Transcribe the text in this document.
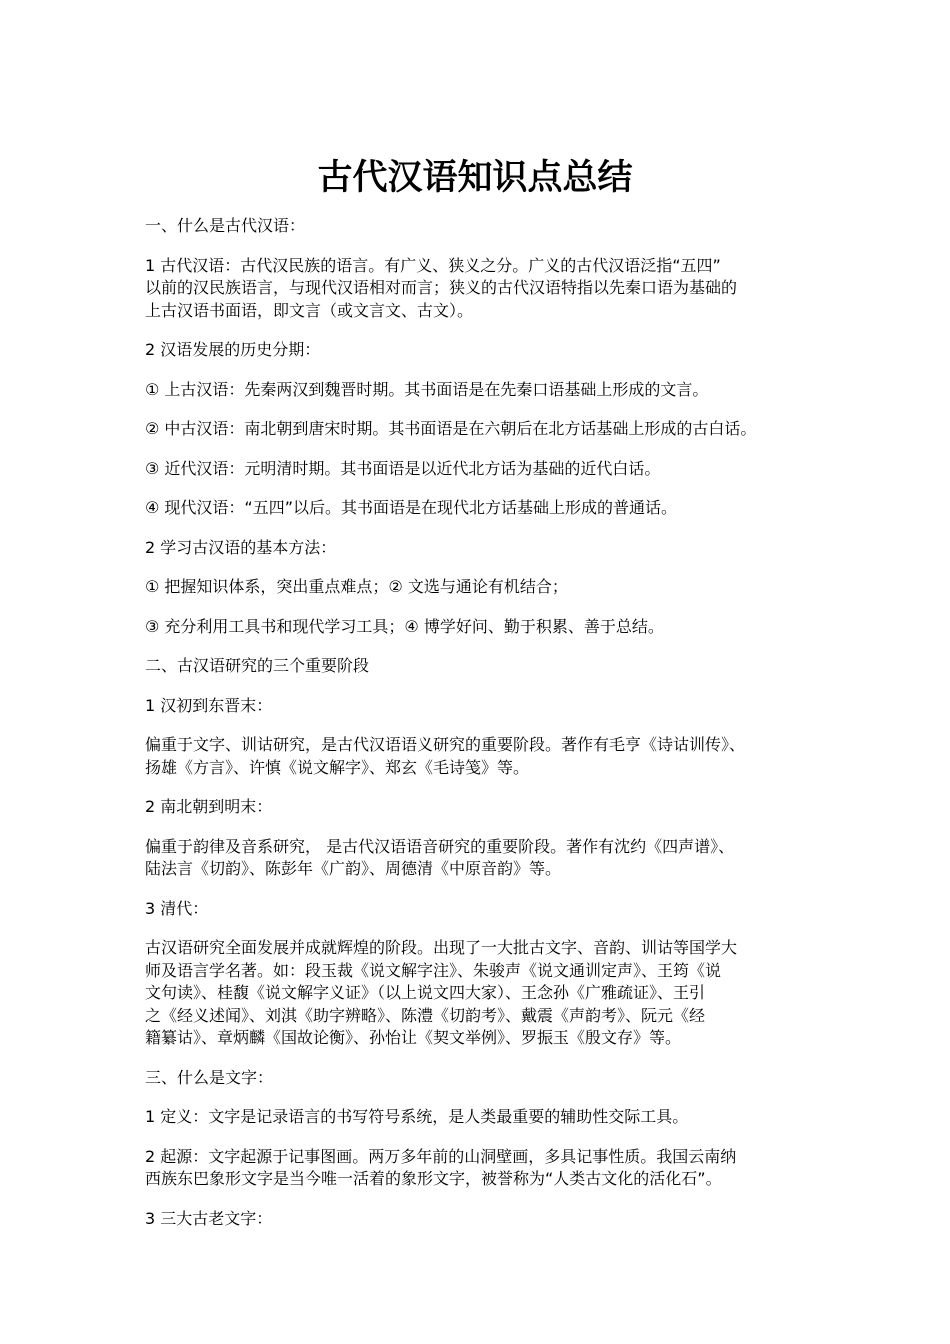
古代汉语知识点总结
一、什么是古代汉语：
1 古代汉语：古代汉民族的语言。有广义、狭义之分。广义的古代汉语泛指“五四”
以前的汉民族语言，与现代汉语相对而言；狭义的古代汉语特指以先秦口语为基础的
上古汉语书面语，即文言（或文言文、古文）。
2 汉语发展的历史分期：
① 上古汉语：先秦两汉到魏晋时期。其书面语是在先秦口语基础上形成的文言。
② 中古汉语：南北朝到唐宋时期。其书面语是在六朝后在北方话基础上形成的古白话。
③ 近代汉语：元明清时期。其书面语是以近代北方话为基础的近代白话。
④ 现代汉语：“五四”以后。其书面语是在现代北方话基础上形成的普通话。
2 学习古汉语的基本方法：
① 把握知识体系，突出重点难点；② 文选与通论有机结合；
③ 充分利用工具书和现代学习工具；④ 博学好问、勤于积累、善于总结。
二、古汉语研究的三个重要阶段
1 汉初到东晋末：
偏重于文字、训诂研究，是古代汉语语义研究的重要阶段。著作有毛亨《诗诂训传》、
扬雄《方言》、许慎《说文解字》、郑玄《毛诗笺》等。
2 南北朝到明末：
偏重于韵律及音系研究， 是古代汉语语音研究的重要阶段。著作有沈约《四声谱》、
陆法言《切韵》、陈彭年《广韵》、周德清《中原音韵》等。
3 清代：
古汉语研究全面发展并成就辉煌的阶段。出现了一大批古文字、音韵、训诂等国学大
师及语言学名著。如：段玉裁《说文解字注》、朱骏声《说文通训定声》、王筠《说
文句读》、桂馥《说文解字义证》（以上说文四大家）、王念孙《广雅疏证》、王引
之《经义述闻》、刘淇《助字辨略》、陈澧《切韵考》、戴震《声韵考》、阮元《经
籍纂诂》、章炳麟《国故论衡》、孙怡让《契文举例》、罗振玉《殷文存》等。
三、什么是文字：
1 定义：文字是记录语言的书写符号系统，是人类最重要的辅助性交际工具。
2 起源：文字起源于记事图画。两万多年前的山洞壁画，多具记事性质。我国云南纳
西族东巴象形文字是当今唯一活着的象形文字，被誉称为“人类古文化的活化石”。
3 三大古老文字：
